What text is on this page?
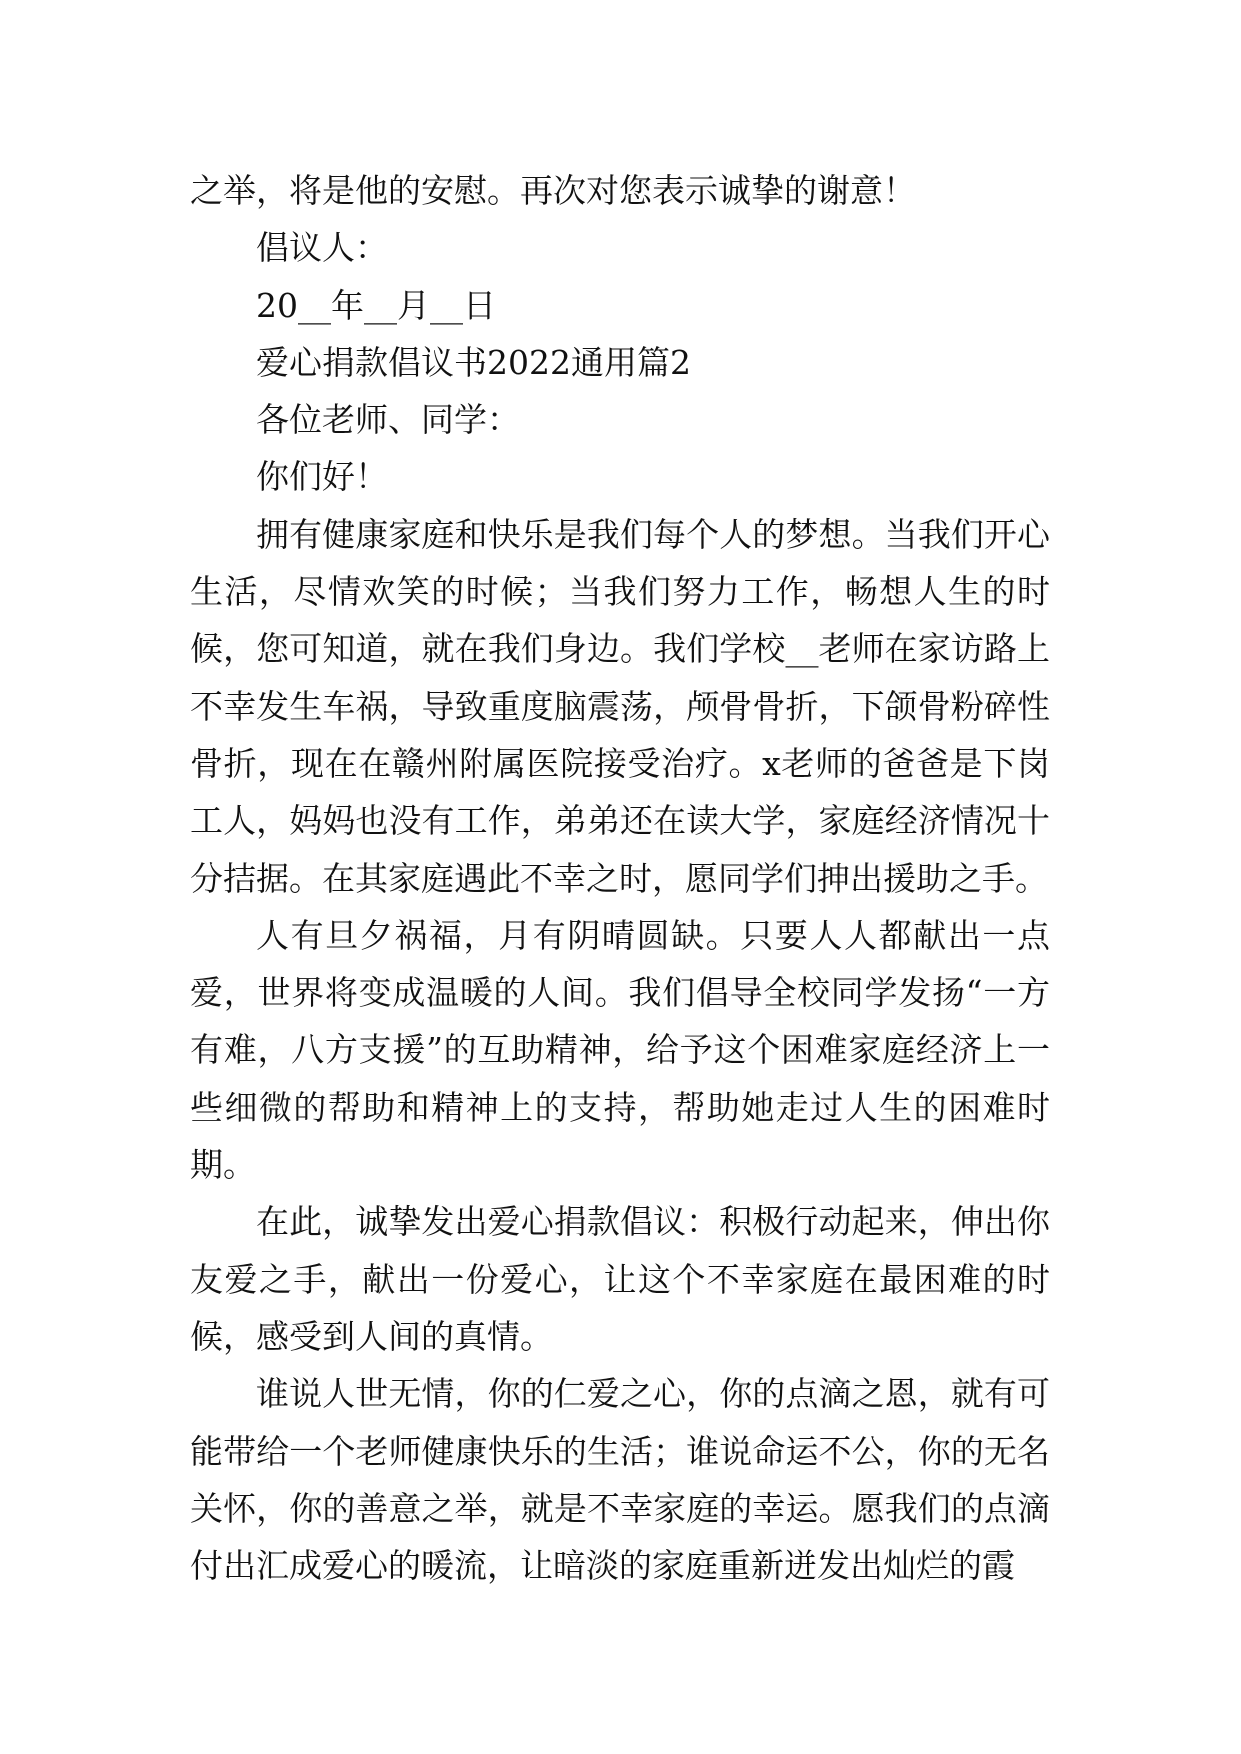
之举，将是他的安慰。再次对您表示诚挚的谢意！

倡议人：

20__年__月__日

爱心捐款倡议书2022通用篇2

各位老师、同学：

你们好！

拥有健康家庭和快乐是我们每个人的梦想。当我们开心生活，尽情欢笑的时候；当我们努力工作，畅想人生的时候，您可知道，就在我们身边。我们学校__老师在家访路上不幸发生车祸，导致重度脑震荡，颅骨骨折，下颌骨粉碎性骨折，现在在赣州附属医院接受治疗。x老师的爸爸是下岗工人，妈妈也没有工作，弟弟还在读大学，家庭经济情况十分拮据。在其家庭遇此不幸之时，愿同学们抻出援助之手。

人有旦夕祸福，月有阴晴圆缺。只要人人都献出一点爱，世界将变成温暖的人间。我们倡导全校同学发扬“一方有难，八方支援”的互助精神，给予这个困难家庭经济上一些细微的帮助和精神上的支持，帮助她走过人生的困难时期。

在此，诚挚发出爱心捐款倡议：积极行动起来，伸出你友爱之手，献出一份爱心，让这个不幸家庭在最困难的时候，感受到人间的真情。

谁说人世无情，你的仁爱之心，你的点滴之恩，就有可能带给一个老师健康快乐的生活；谁说命运不公，你的无名关怀，你的善意之举，就是不幸家庭的幸运。愿我们的点滴付出汇成爱心的暖流，让暗淡的家庭重新迸发出灿烂的霞
